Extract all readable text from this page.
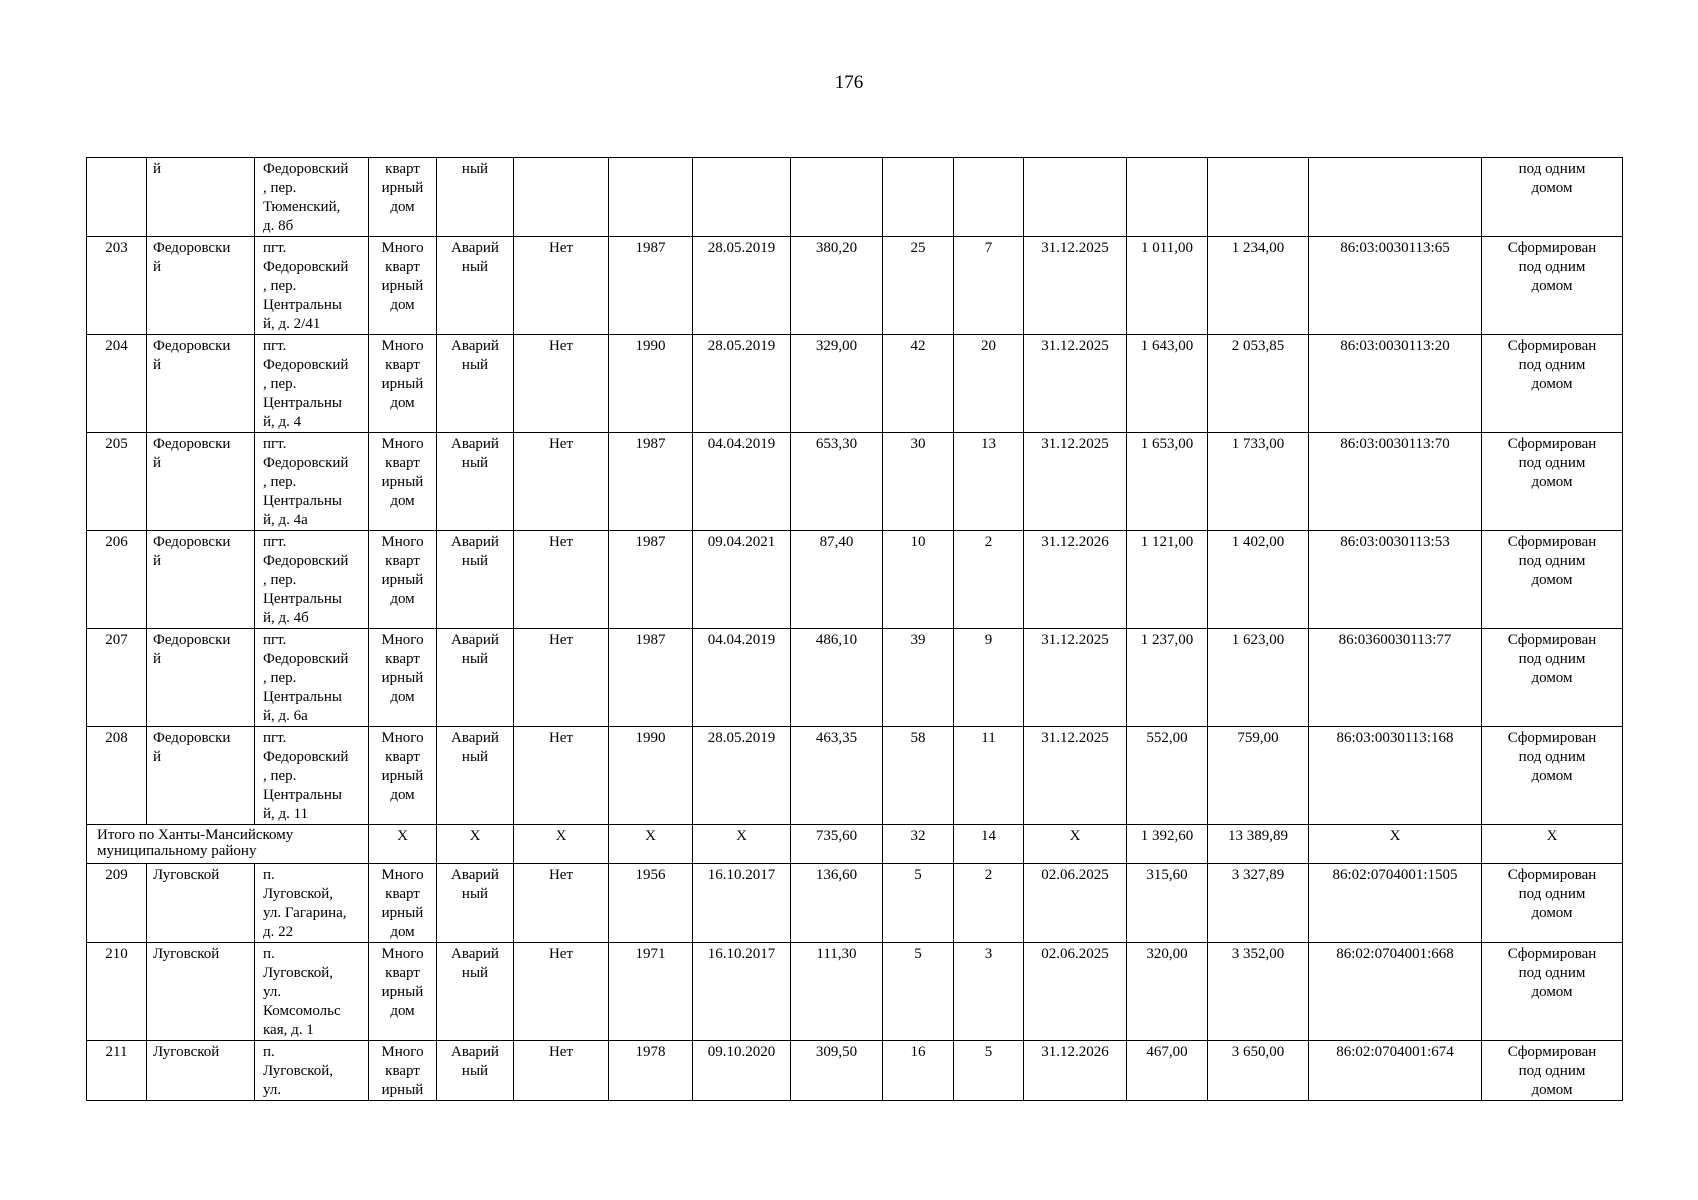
176

	й	Федоровский
, пер.
Тюменский,
д. 8б	кварт
ирный
дом	ный											под одним
домом

203	Федоровски
й	пгт.
Федоровский
, пер.
Центральны
й, д. 2/41	Много
кварт
ирный
дом	Аварий
ный	Нет	1987	28.05.2019	380,20	25	7	31.12.2025	1 011,00	1 234,00	86:03:0030113:65	Сформирован
под одним
домом

204	Федоровски
й	пгт.
Федоровский
, пер.
Центральны
й, д. 4	Много
кварт
ирный
дом	Аварий
ный	Нет	1990	28.05.2019	329,00	42	20	31.12.2025	1 643,00	2 053,85	86:03:0030113:20	Сформирован
под одним
домом

205	Федоровски
й	пгт.
Федоровский
, пер.
Центральны
й, д. 4а	Много
кварт
ирный
дом	Аварий
ный	Нет	1987	04.04.2019	653,30	30	13	31.12.2025	1 653,00	1 733,00	86:03:0030113:70	Сформирован
под одним
домом

206	Федоровски
й	пгт.
Федоровский
, пер.
Центральны
й, д. 4б	Много
кварт
ирный
дом	Аварий
ный	Нет	1987	09.04.2021	87,40	10	2	31.12.2026	1 121,00	1 402,00	86:03:0030113:53	Сформирован
под одним
домом

207	Федоровски
й	пгт.
Федоровский
, пер.
Центральны
й, д. 6а	Много
кварт
ирный
дом	Аварий
ный	Нет	1987	04.04.2019	486,10	39	9	31.12.2025	1 237,00	1 623,00	86:0360030113:77	Сформирован
под одним
домом

208	Федоровски
й	пгт.
Федоровский
, пер.
Центральны
й, д. 11	Много
кварт
ирный
дом	Аварий
ный	Нет	1990	28.05.2019	463,35	58	11	31.12.2025	552,00	759,00	86:03:0030113:168	Сформирован
под одним
домом

Итого по Ханты-Мансийскому муниципальному району			X	X	X	X	X	735,60	32	14	X	1 392,60	13 389,89	X	X
209	Луговской	п.
Луговской,
ул. Гагарина,
д. 22	Много
кварт
ирный
дом	Аварий
ный	Нет	1956	16.10.2017	136,60	5	2	02.06.2025	315,60	3 327,89	86:02:0704001:1505	Сформирован
под одним
домом

210	Луговской	п.
Луговской,
ул.
Комсомольс
кая, д. 1	Много
кварт
ирный
дом	Аварий
ный	Нет	1971	16.10.2017	111,30	5	3	02.06.2025	320,00	3 352,00	86:02:0704001:668	Сформирован
под одним
домом

211	Луговской	п.
Луговской,
ул.	Много
кварт
ирный	Аварий
ный	Нет	1978	09.10.2020	309,50	16	5	31.12.2026	467,00	3 650,00	86:02:0704001:674	Сформирован
под одним
домом
